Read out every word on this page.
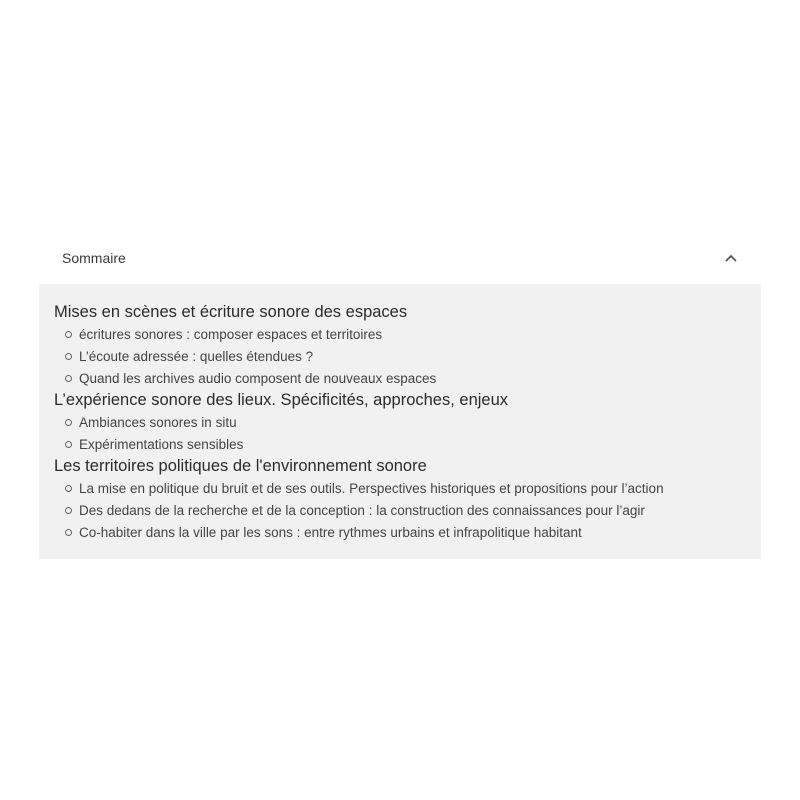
Sommaire
Mises en scènes et écriture sonore des espaces
écritures sonores : composer espaces et territoires
L’écoute adressée : quelles étendues ?
Quand les archives audio composent de nouveaux espaces
L’expérience sonore des lieux. Spécificités, approches, enjeux
Ambiances sonores in situ
Expérimentations sensibles
Les territoires politiques de l'environnement sonore
La mise en politique du bruit et de ses outils. Perspectives historiques et propositions pour l’action
Des dedans de la recherche et de la conception : la construction des connaissances pour l’agir
Co-habiter dans la ville par les sons : entre rythmes urbains et infrapolitique habitant
